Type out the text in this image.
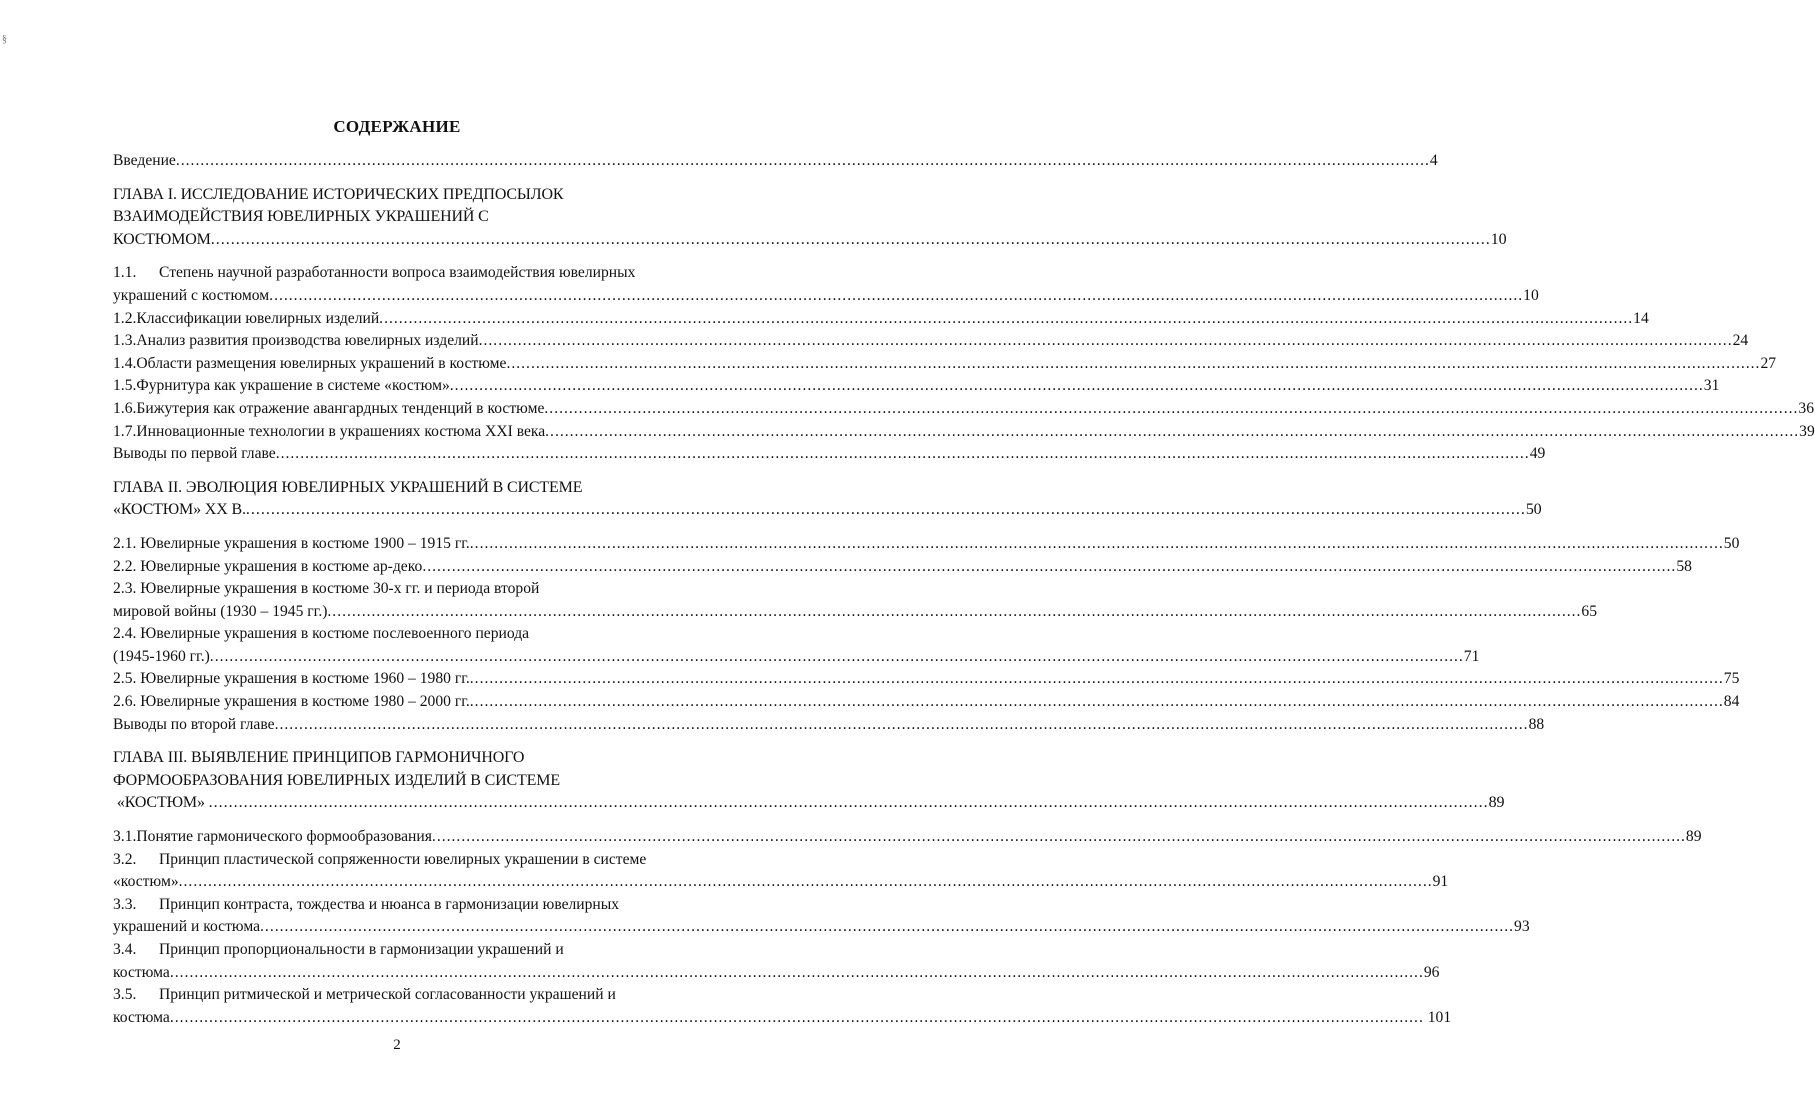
§
СОДЕРЖАНИЕ
Введение .....	4
ГЛАВА I. ИССЛЕДОВАНИЕ ИСТОРИЧЕСКИХ ПРЕДПОСЫЛОК
ВЗАИМОДЕЙСТВИЯ ЮВЕЛИРНЫХ УКРАШЕНИЙ С
КОСТЮМОМ .....	10
1.1. Степень научной разработанности вопроса взаимодействия ювелирных
украшений с костюмом .....	10
1.2. Классификации ювелирных изделий .....	14
1.3. Анализ развития производства ювелирных изделий .....	24
1.4. Области размещения ювелирных украшений в костюме .....	27
1.5. Фурнитура как украшение в системе «костюм» .....	31
1.6. Бижутерия как отражение авангардных тенденций в костюме .....	36
1.7. Инновационные технологии в украшениях костюма XXI века .....	39
Выводы по первой главе .....	49
ГЛАВА II. ЭВОЛЮЦИЯ ЮВЕЛИРНЫХ УКРАШЕНИЙ В СИСТЕМЕ
«КОСТЮМ» XX В. .....	50
2.1. Ювелирные украшения в костюме 1900 – 1915 гг. .....	50
2.2. Ювелирные украшения в костюме ар-деко .....	58
2.3. Ювелирные украшения в костюме 30-х гг. и периода второй
мировой войны (1930 – 1945 гг.) .....	65
2.4. Ювелирные украшения в костюме послевоенного периода
(1945-1960 гг.) .....	71
2.5. Ювелирные украшения в костюме 1960 – 1980 гг. .....	75
2.6. Ювелирные украшения в костюме 1980 – 2000 гг. .....	84
Выводы по второй главе .....	88
ГЛАВА III. ВЫЯВЛЕНИЕ ПРИНЦИПОВ ГАРМОНИЧНОГО
ФОРМООБРАЗОВАНИЯ ЮВЕЛИРНЫХ ИЗДЕЛИЙ В СИСТЕМЕ
«КОСТЮМ» .....	89
3.1. Понятие гармонического формообразования .....	89
3.2. Принцип пластической сопряженности ювелирных украшении в системе
«костюм» .....	91
3.3. Принцип контраста, тождества и нюанса в гармонизации ювелирных
украшений и костюма .....	93
3.4. Принцип пропорциональности в гармонизации украшений и
костюма .....	96
3.5. Принцип ритмической и метрической согласованности украшений и
костюма .....	101
2
